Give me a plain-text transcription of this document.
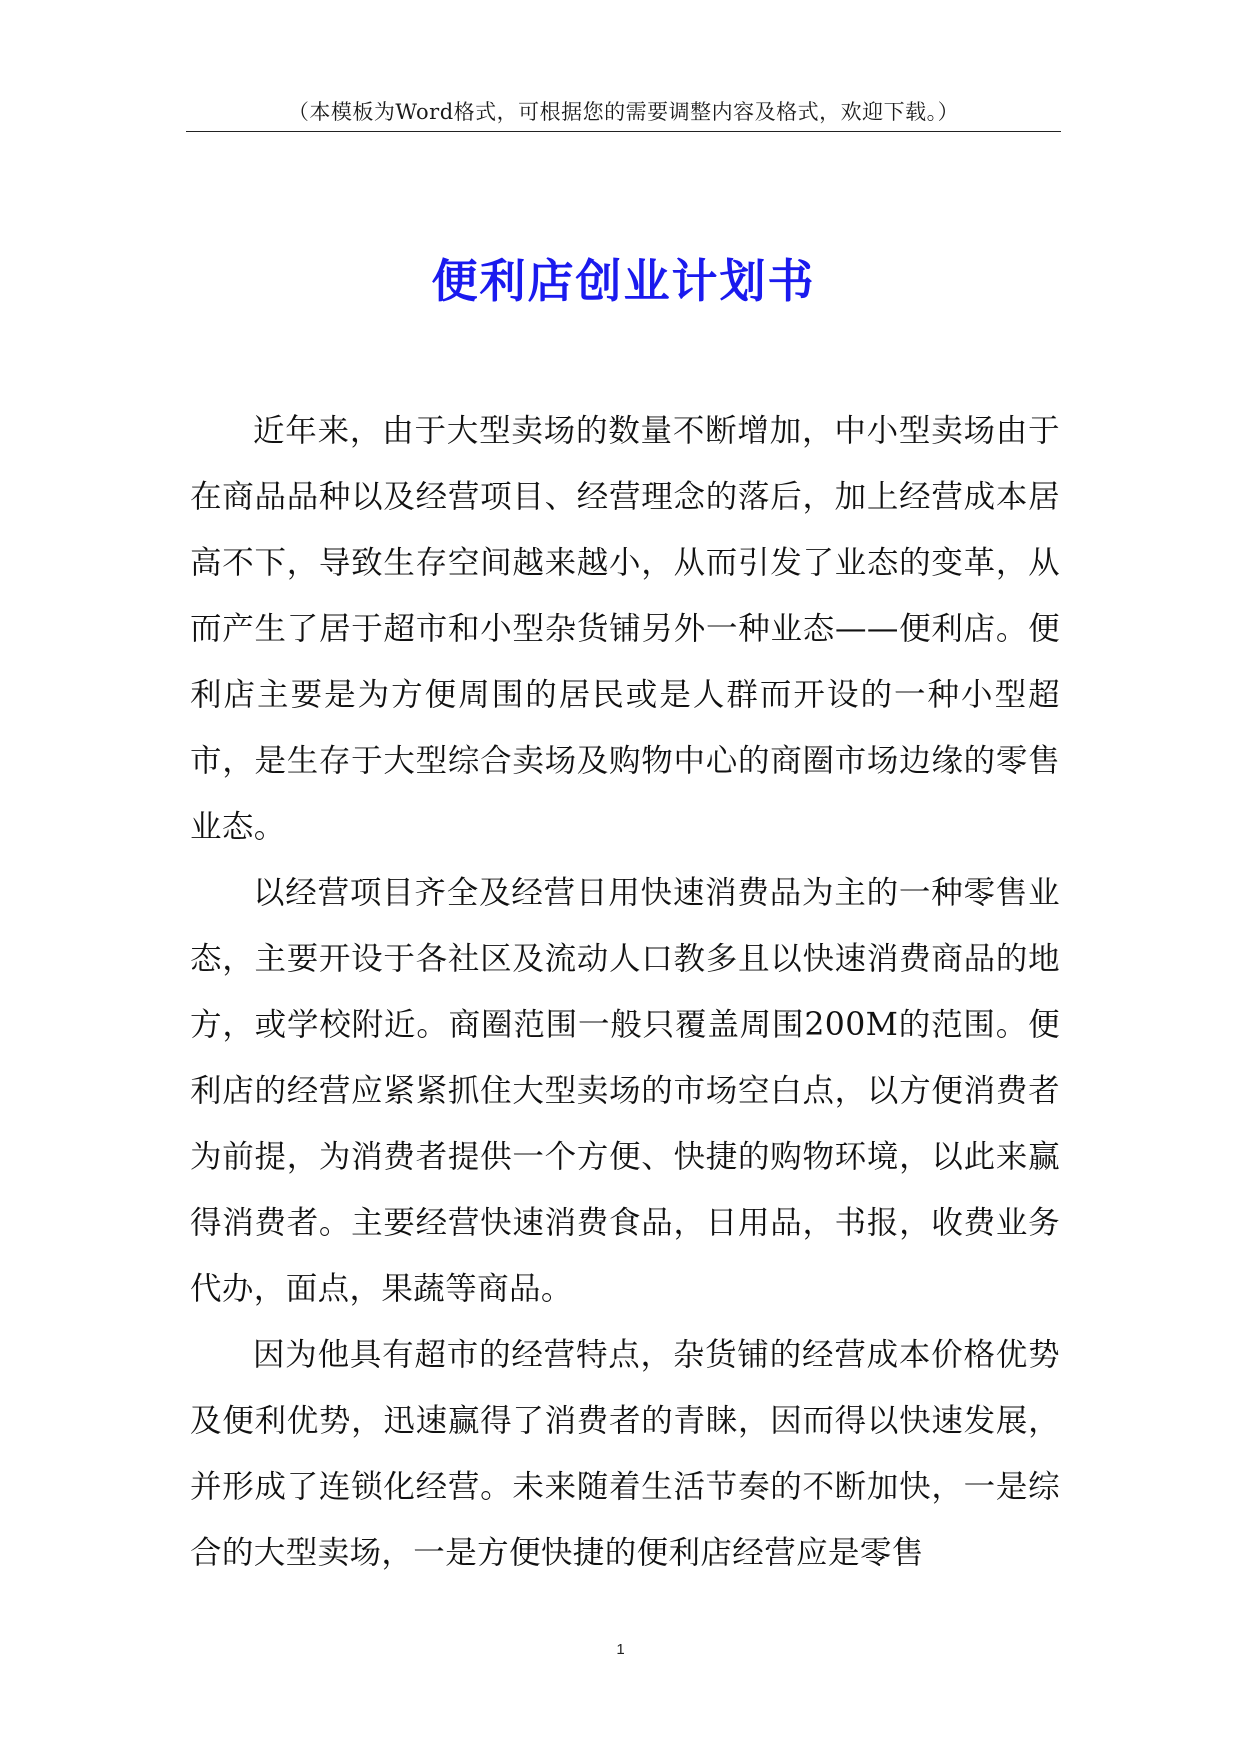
（本模板为Word格式，可根据您的需要调整内容及格式，欢迎下载。）
便利店创业计划书

近年来，由于大型卖场的数量不断增加，中小型卖场由于在商品品种以及经营项目、经营理念的落后，加上经营成本居高不下，导致生存空间越来越小，从而引发了业态的变革，从而产生了居于超市和小型杂货铺另外一种业态——便利店。便利店主要是为方便周围的居民或是人群而开设的一种小型超市，是生存于大型综合卖场及购物中心的商圈市场边缘的零售业态。

以经营项目齐全及经营日用快速消费品为主的一种零售业态，主要开设于各社区及流动人口教多且以快速消费商品的地方，或学校附近。商圈范围一般只覆盖周围200M的范围。便利店的经营应紧紧抓住大型卖场的市场空白点，以方便消费者为前提，为消费者提供一个方便、快捷的购物环境，以此来赢得消费者。主要经营快速消费食品，日用品，书报，收费业务代办，面点，果蔬等商品。

因为他具有超市的经营特点，杂货铺的经营成本价格优势及便利优势，迅速赢得了消费者的青睐，因而得以快速发展，并形成了连锁化经营。未来随着生活节奏的不断加快，一是综合的大型卖场，一是方便快捷的便利店经营应是零售

1
